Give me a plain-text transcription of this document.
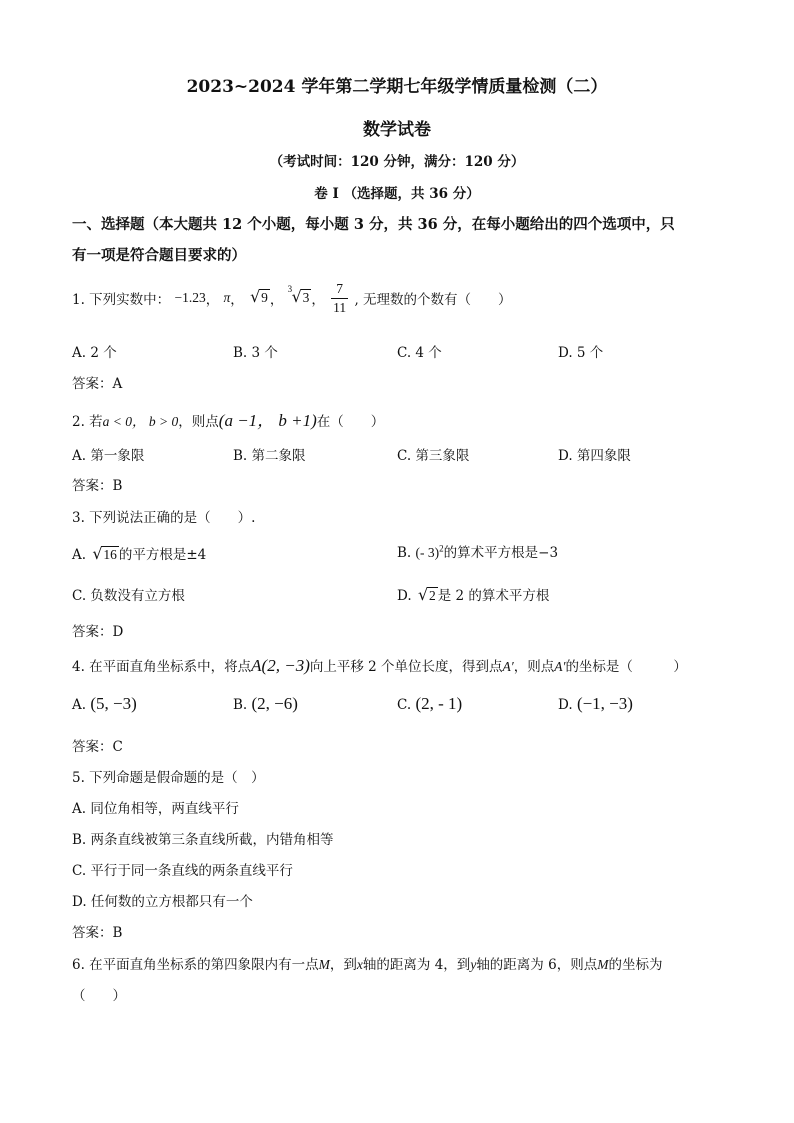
2023~2024 学年第二学期七年级学情质量检测（二）
数学试卷
（考试时间：120 分钟，满分：120 分）
卷 I （选择题，共 36 分）
一、选择题（本大题共 12 个小题，每小题 3 分，共 36 分，在每小题给出的四个选项中，只
有一项是符合题目要求的）
1. 下列实数中： −1.23， π， √ 9 ，
3 √ 3 ， $\frac{7}{11}$ , 无理数的个数有（　　）
A. 2 个	B. 3 个	C. 4 个	D. 5 个
答案：A
2. 若a < 0， b > 0，则点(a −1， b +1)在（　　）
A. 第一象限	B. 第二象限	C. 第三象限	D. 第四象限
答案：B
3. 下列说法正确的是（　　）.
A. √ 16 的平方根是±4	B. (- 3)$^2$的算术平方根是−3
C. 负数没有立方根	D. √ 2 是 2 的算术平方根
答案：D
4. 在平面直角坐标系中，将点A(2, −3)向上平移 2 个单位长度，得到点A′，则点A′的坐标是（　　　）
A. (5, −3)	B. (2, −6)	C. (2, - 1)	D. (−1, −3)
答案：C
5. 下列命题是假命题的是（　）
A. 同位角相等，两直线平行
B. 两条直线被第三条直线所截，内错角相等
C. 平行于同一条直线的两条直线平行
D. 任何数的立方根都只有一个
答案：B
6. 在平面直角坐标系的第四象限内有一点M，到x轴的距离为 4，到y轴的距离为 6，则点M的坐标为
（　　）
